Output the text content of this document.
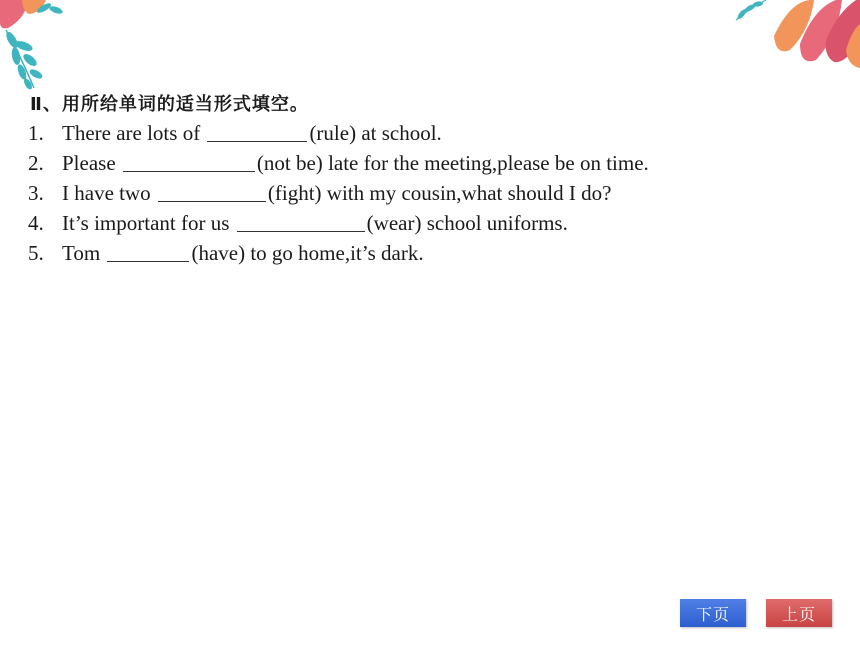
Ⅱ、用所给单词的适当形式填空。
1. There are lots of	(rule) at school.
2. Please	(not be) late for the meeting,please be on time.
3. I have two	(fight) with my cousin,what should I do?
4. It’s important for us	(wear) school uniforms.
5. Tom	(have) to go home,it’s dark.
下页	上页
